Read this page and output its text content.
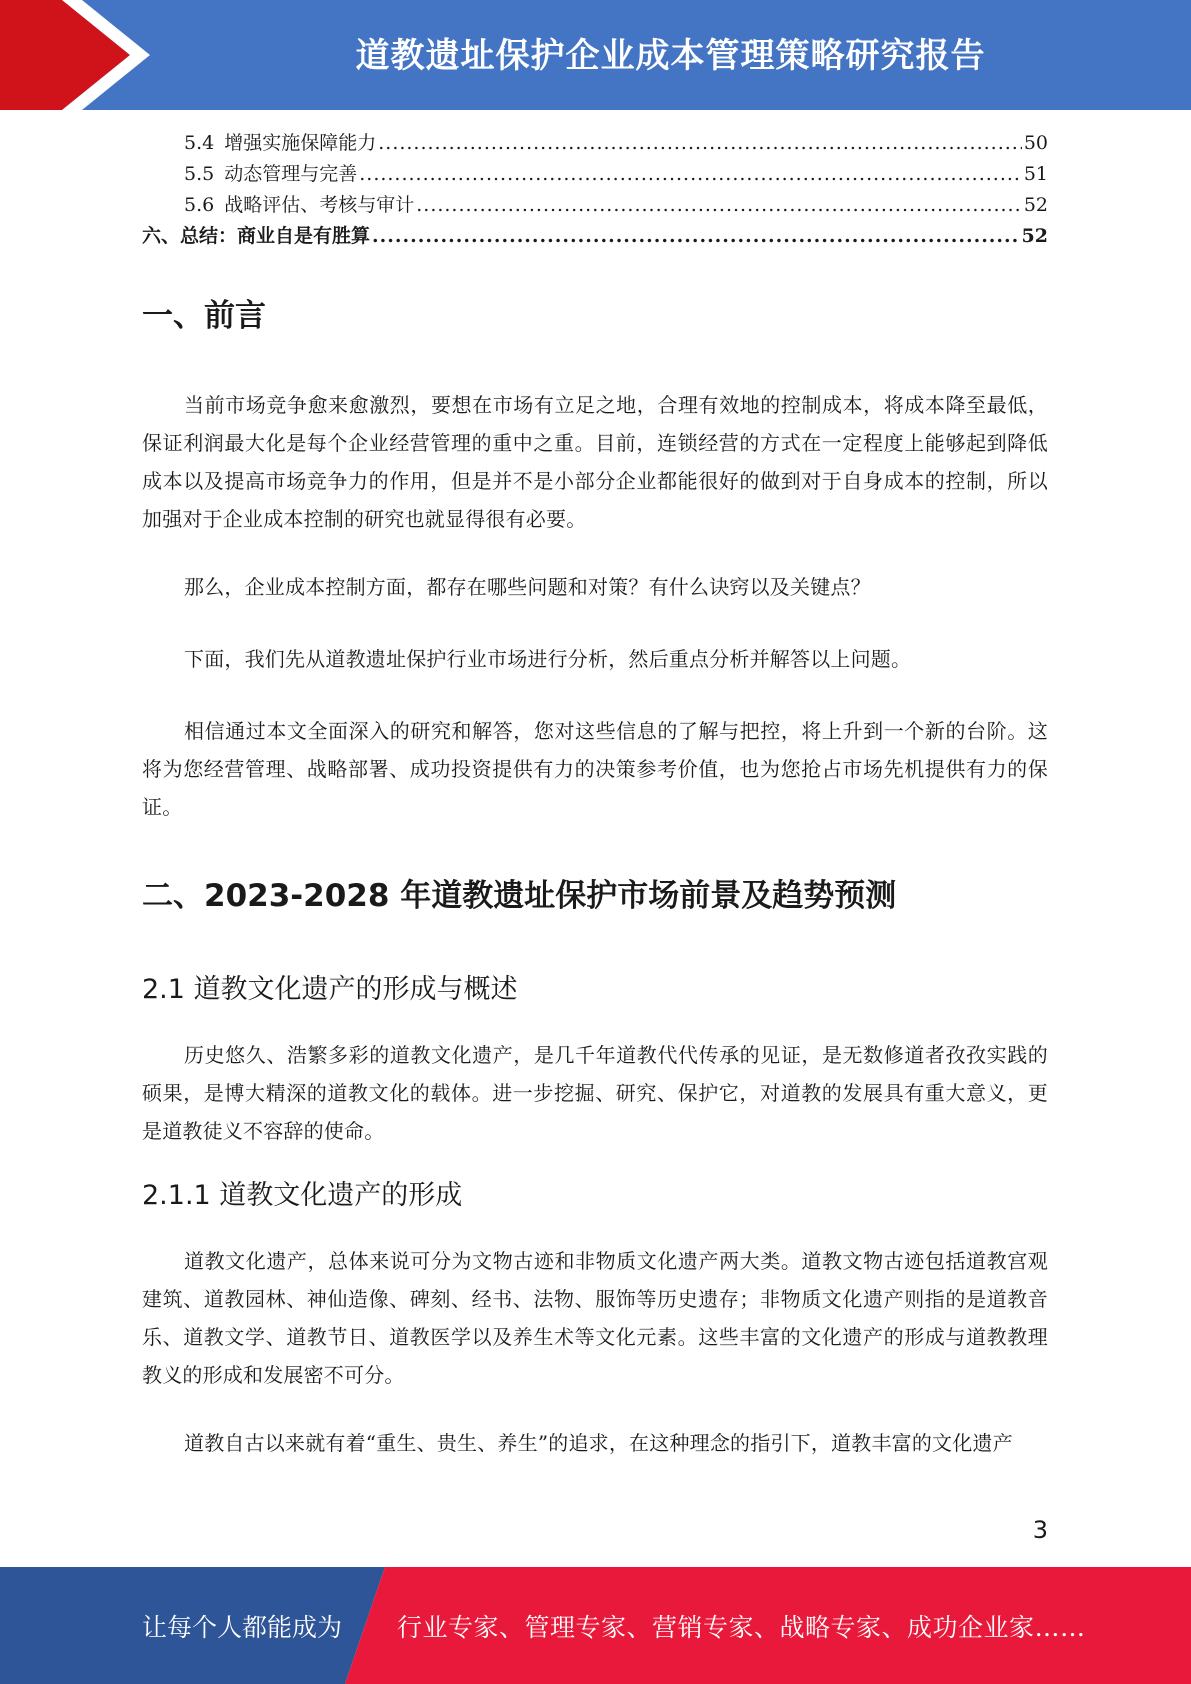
道教遗址保护企业成本管理策略研究报告
5.4 增强实施保障能力 .....	50
5.5 动态管理与完善 .....	51
5.6 战略评估、考核与审计 .....	52
六、总结：商业自是有胜算 .....	52
一、前言

当前市场竞争愈来愈激烈，要想在市场有立足之地，合理有效地的控制成本，将成本降至最低，保证利润最大化是每个企业经营管理的重中之重。目前，连锁经营的方式在一定程度上能够起到降低成本以及提高市场竞争力的作用，但是并不是小部分企业都能很好的做到对于自身成本的控制，所以加强对于企业成本控制的研究也就显得很有必要。

那么，企业成本控制方面，都存在哪些问题和对策？有什么诀窍以及关键点？

下面，我们先从道教遗址保护行业市场进行分析，然后重点分析并解答以上问题。

相信通过本文全面深入的研究和解答，您对这些信息的了解与把控，将上升到一个新的台阶。这将为您经营管理、战略部署、成功投资提供有力的决策参考价值，也为您抢占市场先机提供有力的保证。

二、2023-2028 年道教遗址保护市场前景及趋势预测
2.1 道教文化遗产的形成与概述

历史悠久、浩繁多彩的道教文化遗产，是几千年道教代代传承的见证，是无数修道者孜孜实践的硕果，是博大精深的道教文化的载体。进一步挖掘、研究、保护它，对道教的发展具有重大意义，更是道教徒义不容辞的使命。

2.1.1 道教文化遗产的形成

道教文化遗产，总体来说可分为文物古迹和非物质文化遗产两大类。道教文物古迹包括道教宫观建筑、道教园林、神仙造像、碑刻、经书、法物、服饰等历史遗存；非物质文化遗产则指的是道教音乐、道教文学、道教节日、道教医学以及养生术等文化元素。这些丰富的文化遗产的形成与道教教理教义的形成和发展密不可分。

道教自古以来就有着“重生、贵生、养生”的追求，在这种理念的指引下，道教丰富的文化遗产

3
让每个人都能成为 行业专家、管理专家、营销专家、战略专家、成功企业家……
